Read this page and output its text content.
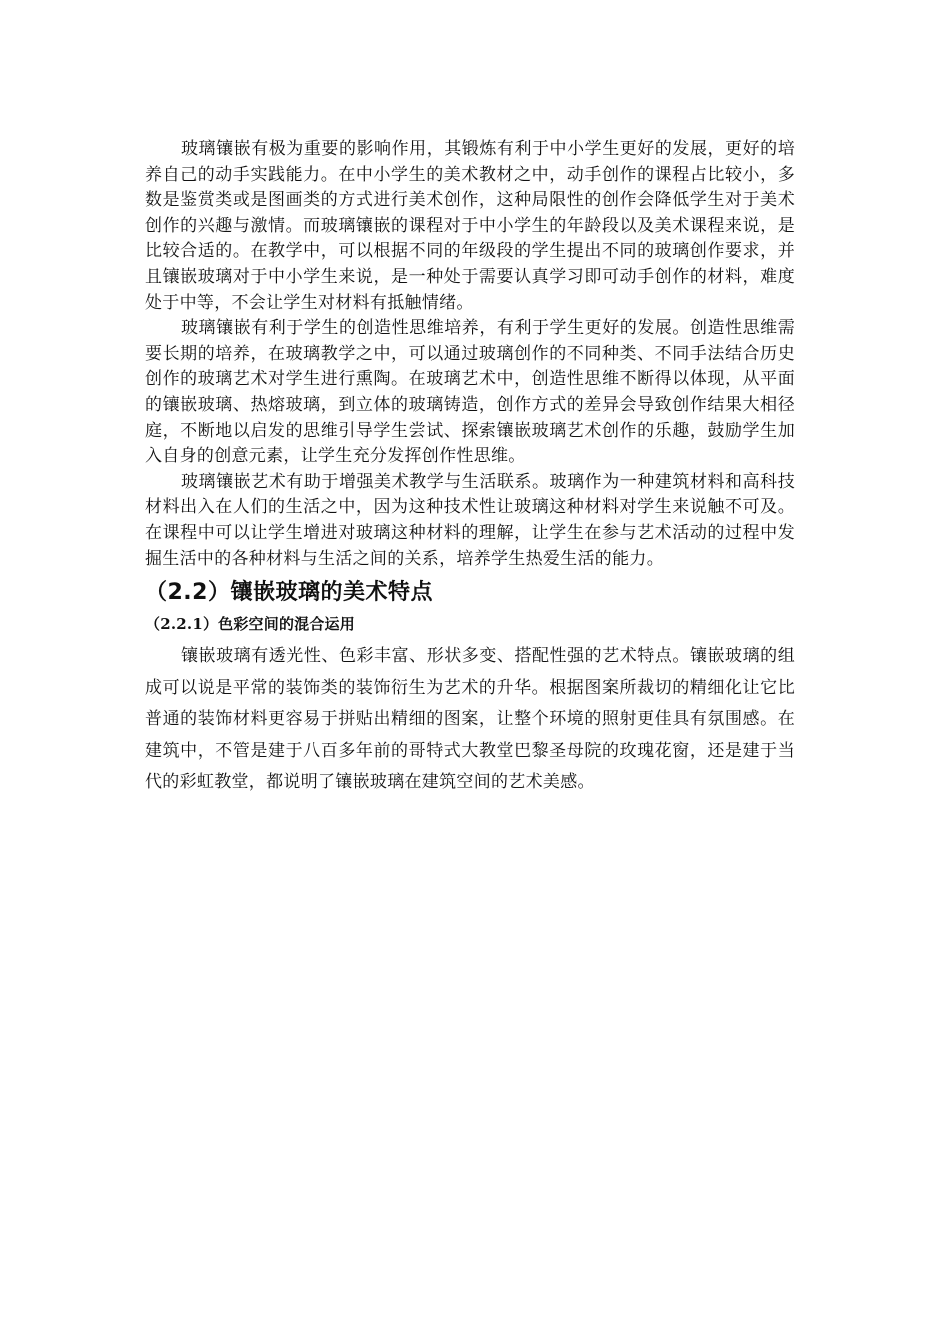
玻璃镶嵌有极为重要的影响作用，其锻炼有利于中小学生更好的发展，更好的培养自己的动手实践能力。在中小学生的美术教材之中，动手创作的课程占比较小，多数是鉴赏类或是图画类的方式进行美术创作，这种局限性的创作会降低学生对于美术创作的兴趣与激情。而玻璃镶嵌的课程对于中小学生的年龄段以及美术课程来说，是比较合适的。在教学中，可以根据不同的年级段的学生提出不同的玻璃创作要求，并且镶嵌玻璃对于中小学生来说，是一种处于需要认真学习即可动手创作的材料，难度处于中等，不会让学生对材料有抵触情绪。

玻璃镶嵌有利于学生的创造性思维培养，有利于学生更好的发展。创造性思维需要长期的培养，在玻璃教学之中，可以通过玻璃创作的不同种类、不同手法结合历史创作的玻璃艺术对学生进行熏陶。在玻璃艺术中，创造性思维不断得以体现，从平面的镶嵌玻璃、热熔玻璃，到立体的玻璃铸造，创作方式的差异会导致创作结果大相径庭，不断地以启发的思维引导学生尝试、探索镶嵌玻璃艺术创作的乐趣，鼓励学生加入自身的创意元素，让学生充分发挥创作性思维。

玻璃镶嵌艺术有助于增强美术教学与生活联系。玻璃作为一种建筑材料和高科技材料出入在人们的生活之中，因为这种技术性让玻璃这种材料对学生来说触不可及。在课程中可以让学生增进对玻璃这种材料的理解，让学生在参与艺术活动的过程中发掘生活中的各种材料与生活之间的关系，培养学生热爱生活的能力。

（2.2）镶嵌玻璃的美术特点
（2.2.1）色彩空间的混合运用

镶嵌玻璃有透光性、色彩丰富、形状多变、搭配性强的艺术特点。镶嵌玻璃的组成可以说是平常的装饰类的装饰衍生为艺术的升华。根据图案所裁切的精细化让它比普通的装饰材料更容易于拼贴出精细的图案，让整个环境的照射更佳具有氛围感。在建筑中，不管是建于八百多年前的哥特式大教堂巴黎圣母院的玫瑰花窗，还是建于当代的彩虹教堂，都说明了镶嵌玻璃在建筑空间的艺术美感。
